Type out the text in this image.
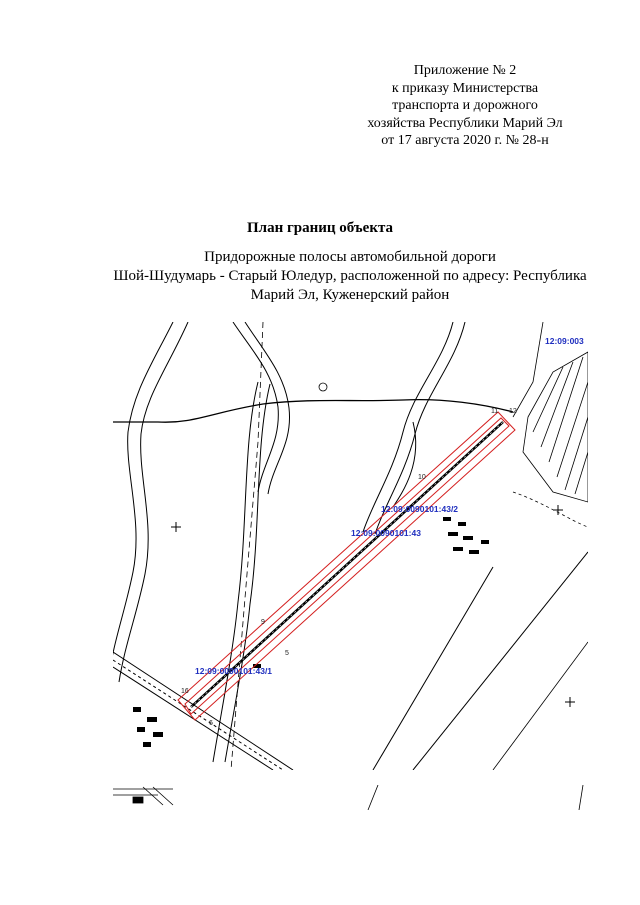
Приложение № 2
к приказу Министерства
транспорта и дорожного
хозяйства Республики Марий Эл
от 17 августа 2020 г. № 28-н
План границ объекта
Придорожные полосы автомобильной дороги
Шой-Шудумарь - Старый Юледур, расположенной по адресу: Республика
Марий Эл, Куженерский район
12:09:003
12:09:0090101:43/2
12:09:0090101:43
12:09:0090101:43/1
11 12
10
9
5
16
6
